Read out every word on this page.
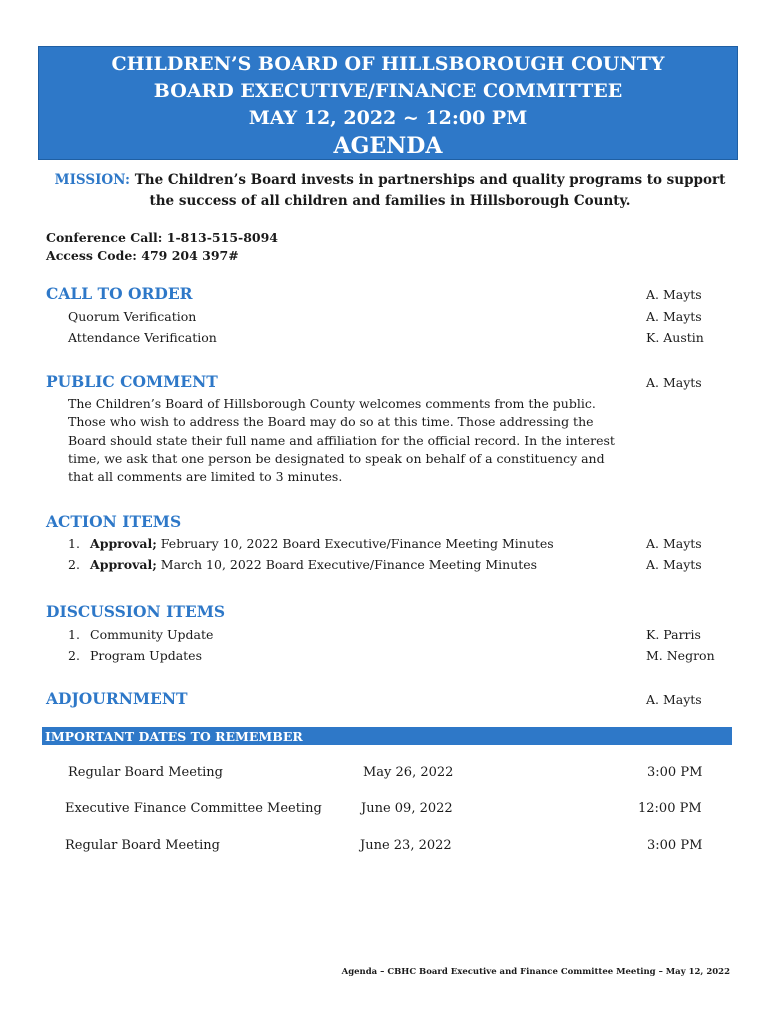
CHILDREN’S BOARD OF HILLSBOROUGH COUNTY
BOARD EXECUTIVE/FINANCE COMMITTEE
MAY 12, 2022 ~ 12:00 PM
AGENDA
MISSION: The Children’s Board invests in partnerships and quality programs to support
the success of all children and families in Hillsborough County.
Conference Call: 1-813-515-8094
Access Code: 479 204 397#
CALL TO ORDER	A. Mayts
Quorum Verification	A. Mayts
Attendance Verification	K. Austin
PUBLIC COMMENT	A. Mayts
The Children’s Board of Hillsborough County welcomes comments from the public.
Those who wish to address the Board may do so at this time. Those addressing the
Board should state their full name and affiliation for the official record. In the interest
time, we ask that one person be designated to speak on behalf of a constituency and
that all comments are limited to 3 minutes.
ACTION ITEMS
1. Approval; February 10, 2022 Board Executive/Finance Meeting Minutes	A. Mayts
2. Approval; March 10, 2022 Board Executive/Finance Meeting Minutes	A. Mayts
DISCUSSION ITEMS
1. Community Update	K. Parris
2. Program Updates	M. Negron
ADJOURNMENT	A. Mayts
IMPORTANT DATES TO REMEMBER
Regular Board Meeting	May 26, 2022	3:00 PM
Executive Finance Committee Meeting	June 09, 2022	12:00 PM
Regular Board Meeting	June 23, 2022	3:00 PM
Agenda – CBHC Board Executive and Finance Committee Meeting – May 12, 2022
